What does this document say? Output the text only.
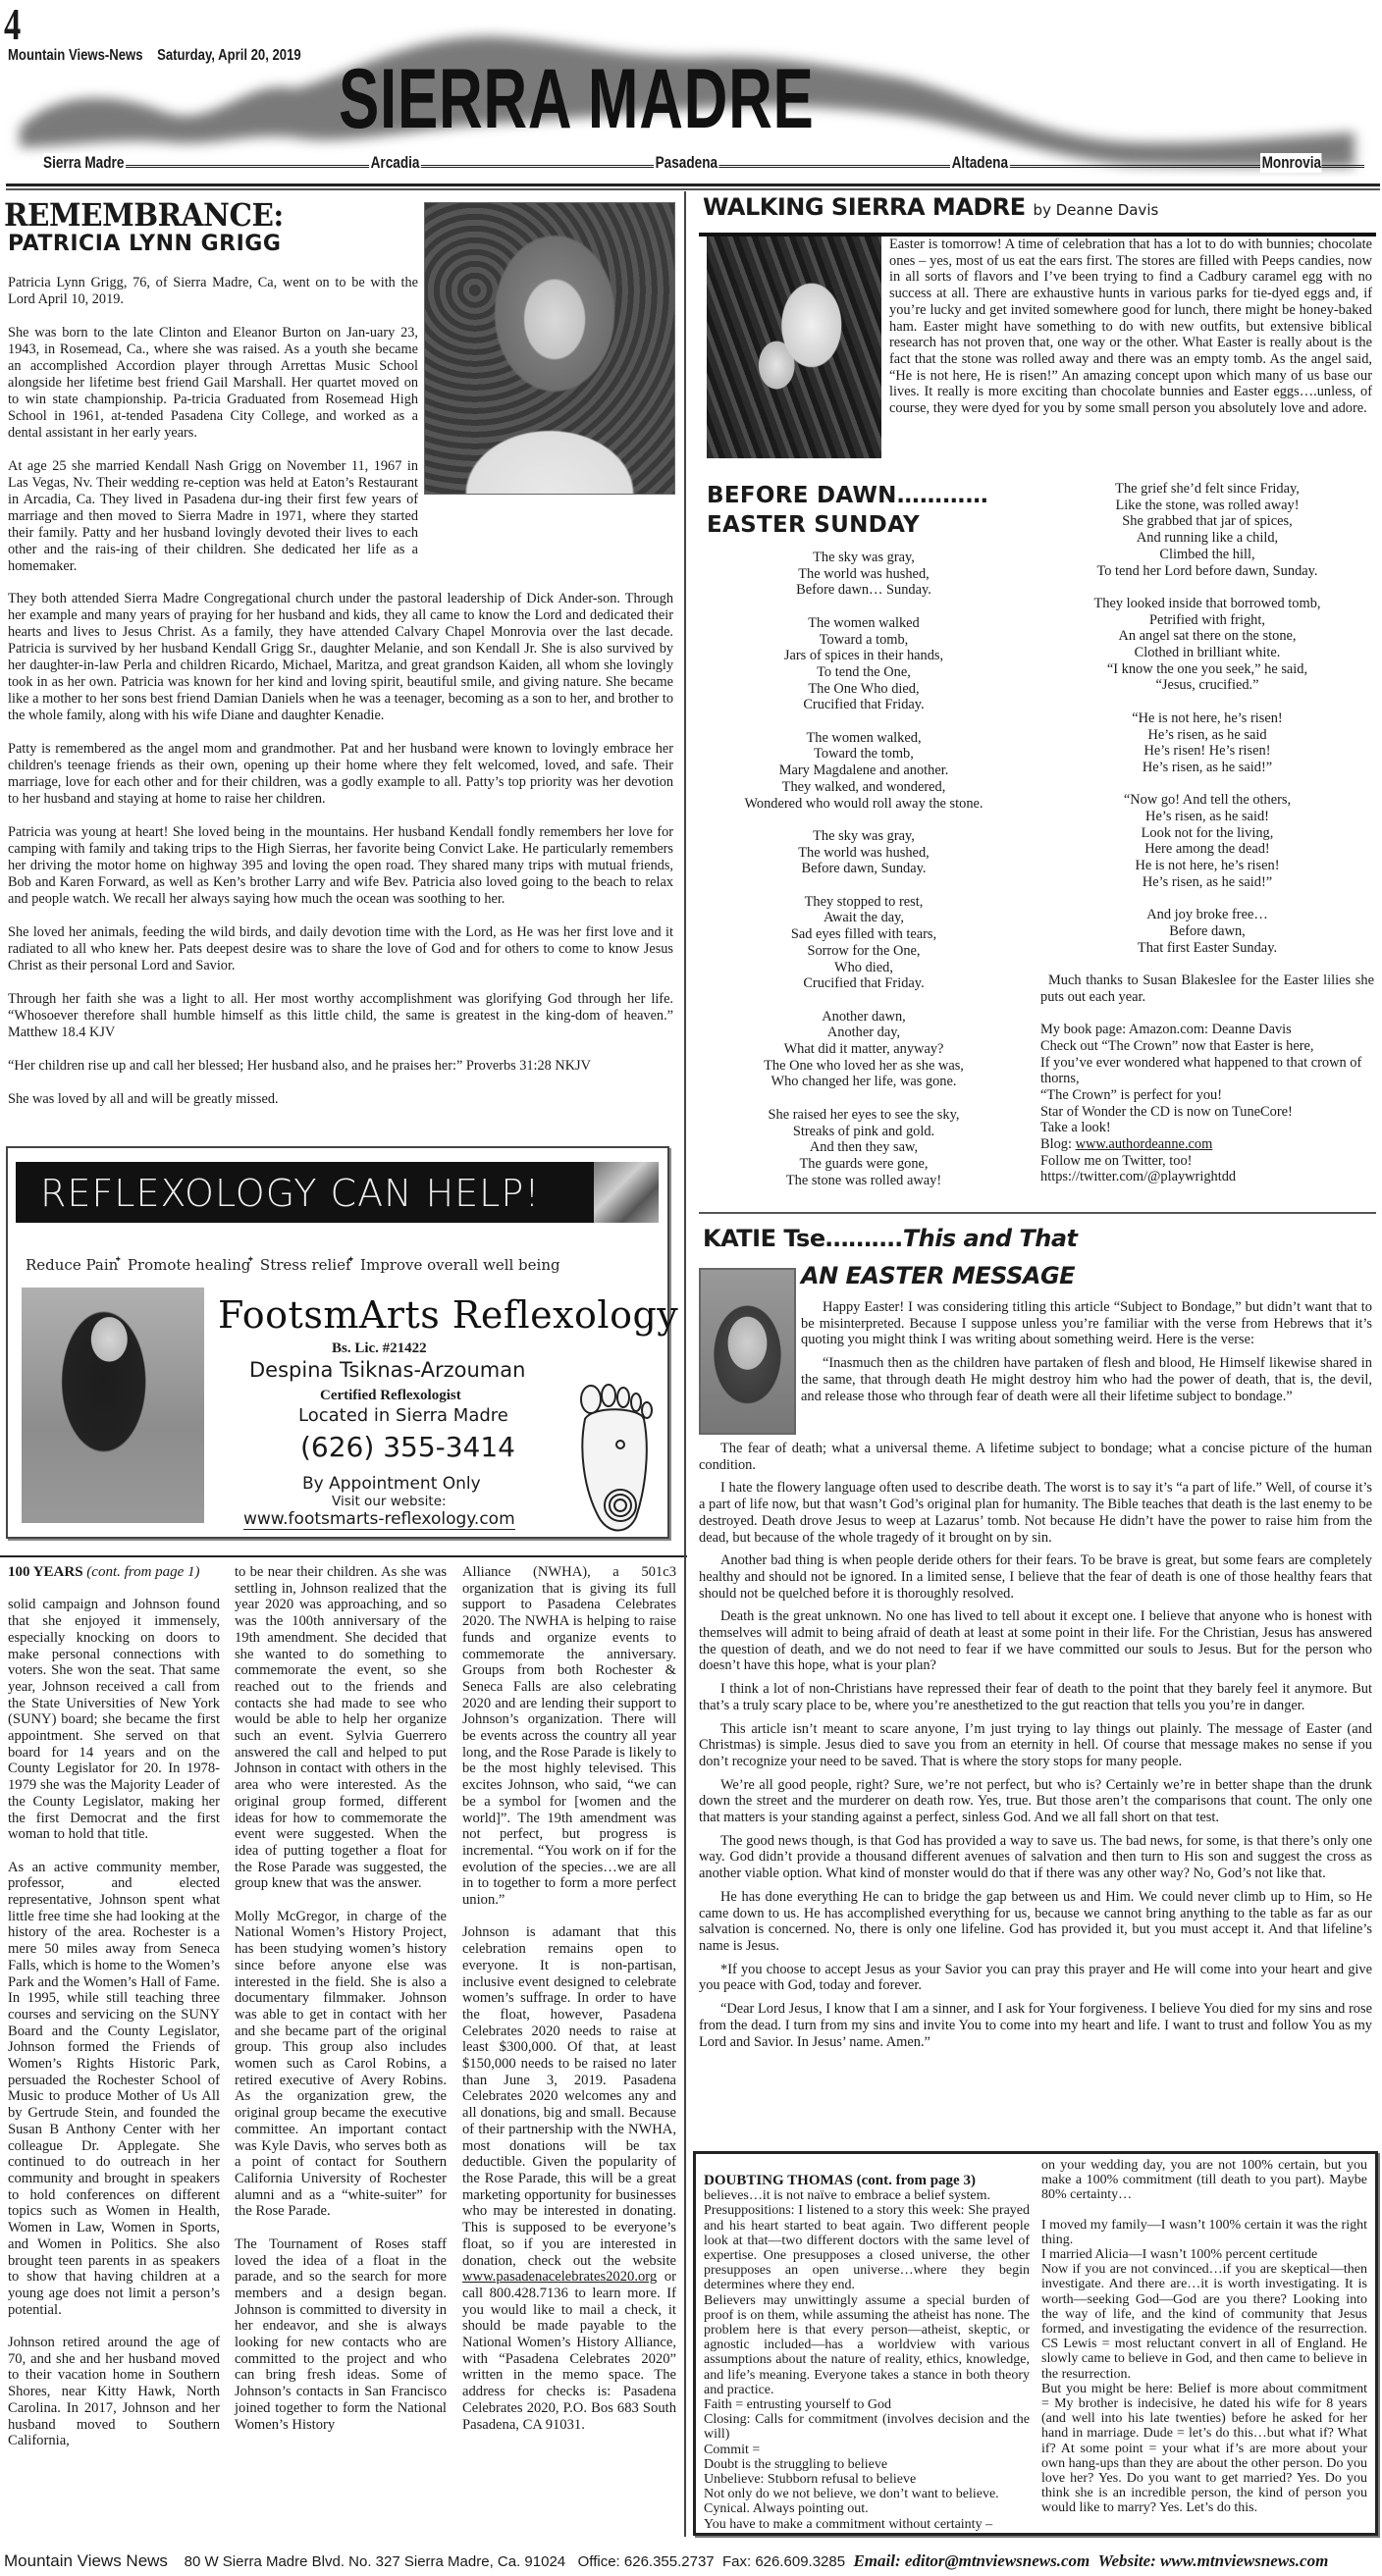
4
Mountain Views-News Saturday, April 20, 2019 SIERRA MADRE
Sierra Madre	Arcadia	Pasadena	Altadena	Monrovia
REMEMBRANCE:
PATRICIA LYNN GRIGG

Patricia Lynn Grigg, 76, of Sierra Madre, Ca, went on to be with the Lord April 10, 2019.

She was born to the late Clinton and Eleanor Burton on Jan-uary 23, 1943, in Rosemead, Ca., where she was raised. As a youth she became an accomplished Accordion player through Arrettas Music School alongside her lifetime best friend Gail Marshall. Her quartet moved on to win state championship. Pa-tricia Graduated from Rosemead High School in 1961, at-tended Pasadena City College, and worked as a dental assistant in her early years.

At age 25 she married Kendall Nash Grigg on November 11, 1967 in Las Vegas, Nv. Their wedding re-ception was held at Eaton’s Restaurant in Arcadia, Ca. They lived in Pasadena dur-ing their first few years of marriage and then moved to Sierra Madre in 1971, where they started their family. Patty and her husband lovingly devoted their lives to each other and the rais-ing of their children. She dedicated her life as a homemaker.

They both attended Sierra Madre Congregational church under the pastoral leadership of Dick Ander-son. Through her example and many years of praying for her husband and kids, they all came to know the Lord and dedicated their hearts and lives to Jesus Christ. As a family, they have attended Calvary Chapel Monrovia over the last decade. Patricia is survived by her husband Kendall Grigg Sr., daughter Melanie, and son Kendall Jr. She is also survived by her daughter-in-law Perla and children Ricardo, Michael, Maritza, and great grandson Kaiden, all whom she lovingly took in as her own. Patricia was known for her kind and loving spirit, beautiful smile, and giving nature. She became like a mother to her sons best friend Damian Daniels when he was a teenager, becoming as a son to her, and brother to the whole family, along with his wife Diane and daughter Kenadie.

Patty is remembered as the angel mom and grandmother. Pat and her husband were known to lovingly embrace her children's teenage friends as their own, opening up their home where they felt welcomed, loved, and safe. Their marriage, love for each other and for their children, was a godly example to all. Patty’s top priority was her devotion to her husband and staying at home to raise her children.

Patricia was young at heart! She loved being in the mountains. Her husband Kendall fondly remembers her love for camping with family and taking trips to the High Sierras, her favorite being Convict Lake. He particularly remembers her driving the motor home on highway 395 and loving the open road. They shared many trips with mutual friends, Bob and Karen Forward, as well as Ken’s brother Larry and wife Bev. Patricia also loved going to the beach to relax and people watch. We recall her always saying how much the ocean was soothing to her.

She loved her animals, feeding the wild birds, and daily devotion time with the Lord, as He was her first love and it radiated to all who knew her. Pats deepest desire was to share the love of God and for others to come to know Jesus Christ as their personal Lord and Savior.

Through her faith she was a light to all. Her most worthy accomplishment was glorifying God through her life. “Whosoever therefore shall humble himself as this little child, the same is greatest in the king-dom of heaven.” Matthew 18.4 KJV

“Her children rise up and call her blessed; Her husband also, and he praises her:” Proverbs 31:28 NKJV

She was loved by all and will be greatly missed.

REFLEXOLOGY CAN HELP!
Reduce Pain ໋ Promote healing ໋ Stress relief ໋ Improve overall well being
FootsmArts Reflexology
Bs. Lic. #21422
Despina Tsiknas-Arzouman
Certified Reflexologist
Located in Sierra Madre
(626) 355-3414
By Appointment Only
Visit our website:
www.footsmarts-reflexology.com

100 YEARS (cont. from page 1)

solid campaign and Johnson found that she enjoyed it immensely, especially knocking on doors to make personal connections with voters. She won the seat. That same year, Johnson received a call from the State Universities of New York (SUNY) board; she became the first appointment. She served on that board for 14 years and on the County Legislator for 20. In 1978-1979 she was the Majority Leader of the County Legislator, making her the first Democrat and the first woman to hold that title.

As an active community member, professor, and elected representative, Johnson spent what little free time she had looking at the history of the area. Rochester is a mere 50 miles away from Seneca Falls, which is home to the Women’s Park and the Women’s Hall of Fame. In 1995, while still teaching three courses and servicing on the SUNY Board and the County Legislator, Johnson formed the Friends of Women’s Rights Historic Park, persuaded the Rochester School of Music to produce Mother of Us All by Gertrude Stein, and founded the Susan B Anthony Center with her colleague Dr. Applegate. She continued to do outreach in her community and brought in speakers to hold conferences on different topics such as Women in Health, Women in Law, Women in Sports, and Women in Politics. She also brought teen parents in as speakers to show that having children at a young age does not limit a person’s potential.

Johnson retired around the age of 70, and she and her husband moved to their vacation home in Southern Shores, near Kitty Hawk, North Carolina. In 2017, Johnson and her husband moved to Southern California,

to be near their children. As she was settling in, Johnson realized that the year 2020 was approaching, and so was the 100th anniversary of the 19th amendment. She decided that she wanted to do something to commemorate the event, so she reached out to the friends and contacts she had made to see who would be able to help her organize such an event. Sylvia Guerrero answered the call and helped to put Johnson in contact with others in the area who were interested. As the original group formed, different ideas for how to commemorate the event were suggested. When the idea of putting together a float for the Rose Parade was suggested, the group knew that was the answer.

Molly McGregor, in charge of the National Women’s History Project, has been studying women’s history since before anyone else was interested in the field. She is also a documentary filmmaker. Johnson was able to get in contact with her and she became part of the original group. This group also includes women such as Carol Robins, a retired executive of Avery Robins. As the organization grew, the original group became the executive committee. An important contact was Kyle Davis, who serves both as a point of contact for Southern California University of Rochester alumni and as a “white-suiter” for the Rose Parade.

The Tournament of Roses staff loved the idea of a float in the parade, and so the search for more members and a design began. Johnson is committed to diversity in her endeavor, and she is always looking for new contacts who are committed to the project and who can bring fresh ideas. Some of Johnson’s contacts in San Francisco joined together to form the National Women’s History

Alliance (NWHA), a 501c3 organization that is giving its full support to Pasadena Celebrates 2020. The NWHA is helping to raise funds and organize events to commemorate the anniversary. Groups from both Rochester & Seneca Falls are also celebrating 2020 and are lending their support to Johnson’s organization. There will be events across the country all year long, and the Rose Parade is likely to be the most highly televised. This excites Johnson, who said, “we can be a symbol for [women and the world]”. The 19th amendment was not perfect, but progress is incremental. “You work on if for the evolution of the species…we are all in to together to form a more perfect union.”

Johnson is adamant that this celebration remains open to everyone. It is non-partisan, inclusive event designed to celebrate women’s suffrage. In order to have the float, however, Pasadena Celebrates 2020 needs to raise at least $300,000. Of that, at least $150,000 needs to be raised no later than June 3, 2019. Pasadena Celebrates 2020 welcomes any and all donations, big and small. Because of their partnership with the NWHA, most donations will be tax deductible. Given the popularity of the Rose Parade, this will be a great marketing opportunity for businesses who may be interested in donating. This is supposed to be everyone’s float, so if you are interested in donation, check out the website www.pasadenacelebrates2020.org or call 800.428.7136 to learn more. If you would like to mail a check, it should be made payable to the National Women’s History Alliance, with “Pasadena Celebrates 2020” written in the memo space. The address for checks is: Pasadena Celebrates 2020, P.O. Bos 683 South Pasadena, CA 91031.

WALKING SIERRA MADRE by Deanne Davis
Easter is tomorrow! A time of celebration that has a lot to do with bunnies; chocolate ones – yes, most of us eat the ears first. The stores are filled with Peeps candies, now in all sorts of flavors and I’ve been trying to find a Cadbury caramel egg with no success at all. There are exhaustive hunts in various parks for tie-dyed eggs and, if you’re lucky and get invited somewhere good for lunch, there might be honey-baked ham. Easter might have something to do with new outfits, but extensive biblical research has not proven that, one way or the other. What Easter is really about is the fact that the stone was rolled away and there was an empty tomb. As the angel said, “He is not here, He is risen!” An amazing concept upon which many of us base our lives. It really is more exciting than chocolate bunnies and Easter eggs….unless, of course, they were dyed for you by some small person you absolutely love and adore.
BEFORE DAWN…………
EASTER SUNDAY
The sky was gray,
The world was hushed,
Before dawn… Sunday.
The women walked
Toward a tomb,
Jars of spices in their hands,
To tend the One,
The One Who died,
Crucified that Friday.
The women walked,
Toward the tomb,
Mary Magdalene and another.
They walked, and wondered,
Wondered who would roll away the stone.
The sky was gray,
The world was hushed,
Before dawn, Sunday.
They stopped to rest,
Await the day,
Sad eyes filled with tears,
Sorrow for the One,
Who died,
Crucified that Friday.
Another dawn,
Another day,
What did it matter, anyway?
The One who loved her as she was,
Who changed her life, was gone.
She raised her eyes to see the sky,
Streaks of pink and gold.
And then they saw,
The guards were gone,
The stone was rolled away!
The grief she’d felt since Friday,
Like the stone, was rolled away!
She grabbed that jar of spices,
And running like a child,
Climbed the hill,
To tend her Lord before dawn, Sunday.
They looked inside that borrowed tomb,
Petrified with fright,
An angel sat there on the stone,
Clothed in brilliant white.
“I know the one you seek,” he said,
“Jesus, crucified.”
“He is not here, he’s risen!
He’s risen, as he said
He’s risen! He’s risen!
He’s risen, as he said!”
“Now go! And tell the others,
He’s risen, as he said!
Look not for the living,
Here among the dead!
He is not here, he’s risen!
He’s risen, as he said!”
And joy broke free…
Before dawn,
That first Easter Sunday.

Much thanks to Susan Blakeslee for the Easter lilies she puts out each year.

My book page: Amazon.com: Deanne Davis
Check out “The Crown” now that Easter is here,
If you’ve ever wondered what happened to that crown of thorns,
“The Crown” is perfect for you!
Star of Wonder the CD is now on TuneCore!
Take a look!
Blog: www.authordeanne.com
Follow me on Twitter, too! https://twitter.com/@playwrightdd
KATIE Tse……….This and That
AN EASTER MESSAGE

Happy Easter! I was considering titling this article “Subject to Bondage,” but didn’t want that to be misinterpreted. Because I suppose unless you’re familiar with the verse from Hebrews that it’s quoting you might think I was writing about something weird. Here is the verse:

“Inasmuch then as the children have partaken of flesh and blood, He Himself likewise shared in the same, that through death He might destroy him who had the power of death, that is, the devil, and release those who through fear of death were all their lifetime subject to bondage.”

The fear of death; what a universal theme. A lifetime subject to bondage; what a concise picture of the human condition.

I hate the flowery language often used to describe death. The worst is to say it’s “a part of life.” Well, of course it’s a part of life now, but that wasn’t God’s original plan for humanity. The Bible teaches that death is the last enemy to be destroyed. Death drove Jesus to weep at Lazarus’ tomb. Not because He didn’t have the power to raise him from the dead, but because of the whole tragedy of it brought on by sin.

Another bad thing is when people deride others for their fears. To be brave is great, but some fears are completely healthy and should not be ignored. In a limited sense, I believe that the fear of death is one of those healthy fears that should not be quelched before it is thoroughly resolved.

Death is the great unknown. No one has lived to tell about it except one. I believe that anyone who is honest with themselves will admit to being afraid of death at least at some point in their life. For the Christian, Jesus has answered the question of death, and we do not need to fear if we have committed our souls to Jesus. But for the person who doesn’t have this hope, what is your plan?

I think a lot of non-Christians have repressed their fear of death to the point that they barely feel it anymore. But that’s a truly scary place to be, where you’re anesthetized to the gut reaction that tells you you’re in danger.

This article isn’t meant to scare anyone, I’m just trying to lay things out plainly. The message of Easter (and Christmas) is simple. Jesus died to save you from an eternity in hell. Of course that message makes no sense if you don’t recognize your need to be saved. That is where the story stops for many people.

We’re all good people, right? Sure, we’re not perfect, but who is? Certainly we’re in better shape than the drunk down the street and the murderer on death row. Yes, true. But those aren’t the comparisons that count. The only one that matters is your standing against a perfect, sinless God. And we all fall short on that test.

The good news though, is that God has provided a way to save us. The bad news, for some, is that there’s only one way. God didn’t provide a thousand different avenues of salvation and then turn to His son and suggest the cross as another viable option. What kind of monster would do that if there was any other way? No, God’s not like that.

He has done everything He can to bridge the gap between us and Him. We could never climb up to Him, so He came down to us. He has accomplished everything for us, because we cannot bring anything to the table as far as our salvation is concerned. No, there is only one lifeline. God has provided it, but you must accept it. And that lifeline’s name is Jesus.

*If you choose to accept Jesus as your Savior you can pray this prayer and He will come into your heart and give you peace with God, today and forever.

“Dear Lord Jesus, I know that I am a sinner, and I ask for Your forgiveness. I believe You died for my sins and rose from the dead. I turn from my sins and invite You to come into my heart and life. I want to trust and follow You as my Lord and Savior. In Jesus’ name. Amen.”

DOUBTING THOMAS (cont. from page 3)
believes…it is not naïve to embrace a belief system.
Presuppositions: I listened to a story this week: She prayed and his heart started to beat again. Two different people look at that—two different doctors with the same level of expertise. One presupposes a closed universe, the other presupposes an open universe…where they begin determines where they end.
Believers may unwittingly assume a special burden of proof is on them, while assuming the atheist has none. The problem here is that every person—atheist, skeptic, or agnostic included—has a worldview with various assumptions about the nature of reality, ethics, knowledge, and life’s meaning. Everyone takes a stance in both theory and practice.
Faith = entrusting yourself to God
Closing: Calls for commitment (involves decision and the will)
Commit =
Doubt is the struggling to believe
Unbelieve: Stubborn refusal to believe
Not only do we not believe, we don’t want to believe.
Cynical. Always pointing out.
You have to make a commitment without certainty –
on your wedding day, you are not 100% certain, but you make a 100% commitment (till death to you part). Maybe 80% certainty…
I moved my family—I wasn’t 100% certain it was the right thing.
I married Alicia—I wasn’t 100% percent certitude
Now if you are not convinced…if you are skeptical—then investigate. And there are…it is worth investigating. It is worth—seeking God—God are you there? Looking into the way of life, and the kind of community that Jesus formed, and investigating the evidence of the resurrection. CS Lewis = most reluctant convert in all of England. He slowly came to believe in God, and then came to believe in the resurrection.
But you might be here: Belief is more about commitment = My brother is indecisive, he dated his wife for 8 years (and well into his late twenties) before he asked for her hand in marriage. Dude = let’s do this…but what if? What if? At some point = your what if’s are more about your own hang-ups than they are about the other person. Do you love her? Yes. Do you want to get married? Yes. Do you think she is an incredible person, the kind of person you would like to marry? Yes. Let’s do this.
Mountain Views News 80 W Sierra Madre Blvd. No. 327 Sierra Madre, Ca. 91024 Office: 626.355.2737 Fax: 626.609.3285 Email: editor@mtnviewsnews.com Website: www.mtnviewsnews.com
